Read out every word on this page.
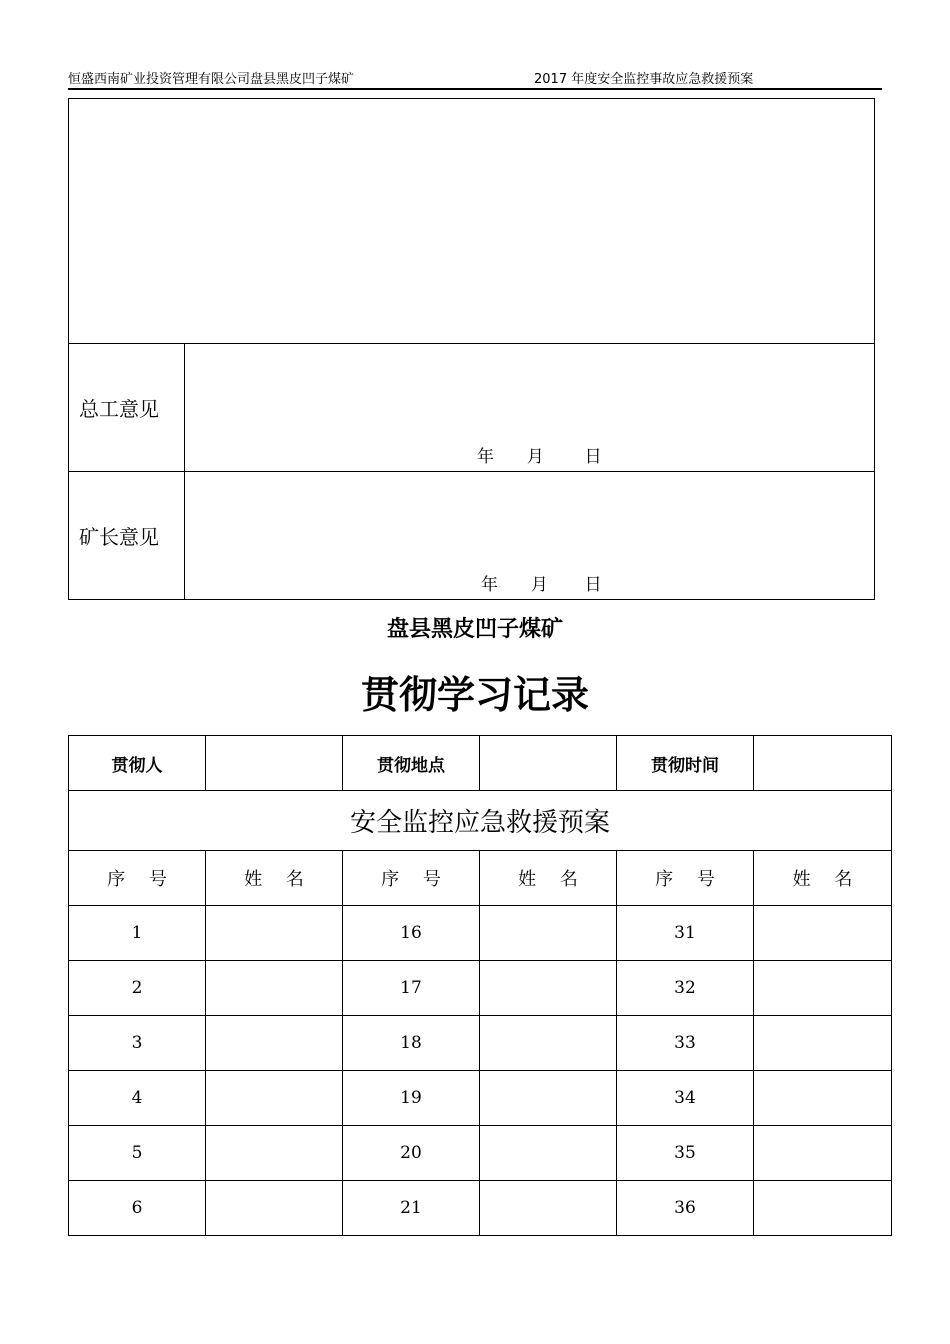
恒盛西南矿业投资管理有限公司盘县黑皮凹子煤矿	2017 年度安全监控事故应急救援预案

总工意见	年 月 日

矿长意见	年 月 日
盘县黑皮凹子煤矿
贯彻学习记录
贯彻人		贯彻地点		贯彻时间	
安全监控应急救援预案					
序　 号	姓　 名	序　 号	姓　 名	序　 号	姓　 名
1		16		31	
2		17		32	
3		18		33	
4		19		34	
5		20		35	
6		21		36	
